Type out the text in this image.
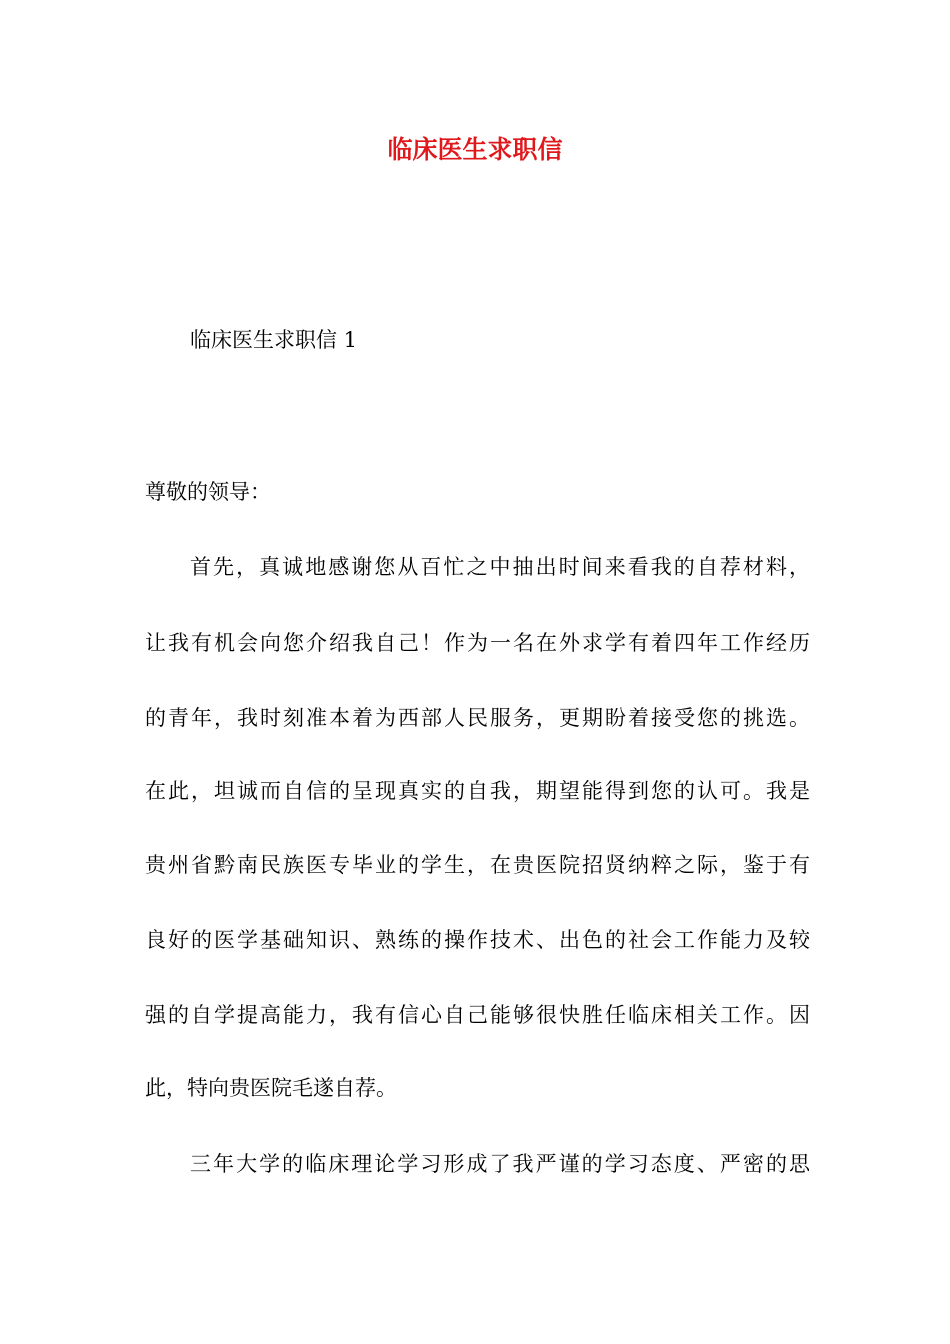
临床医生求职信

临床医生求职信 1

尊敬的领导：

首先，真诚地感谢您从百忙之中抽出时间来看我的自荐材料，

让我有机会向您介绍我自己！作为一名在外求学有着四年工作经历

的青年，我时刻准本着为西部人民服务，更期盼着接受您的挑选。

在此，坦诚而自信的呈现真实的自我，期望能得到您的认可。我是

贵州省黔南民族医专毕业的学生，在贵医院招贤纳粹之际，鉴于有

良好的医学基础知识、熟练的操作技术、出色的社会工作能力及较

强的自学提高能力，我有信心自己能够很快胜任临床相关工作。因

此，特向贵医院毛遂自荐。

三年大学的临床理论学习形成了我严谨的学习态度、严密的思
